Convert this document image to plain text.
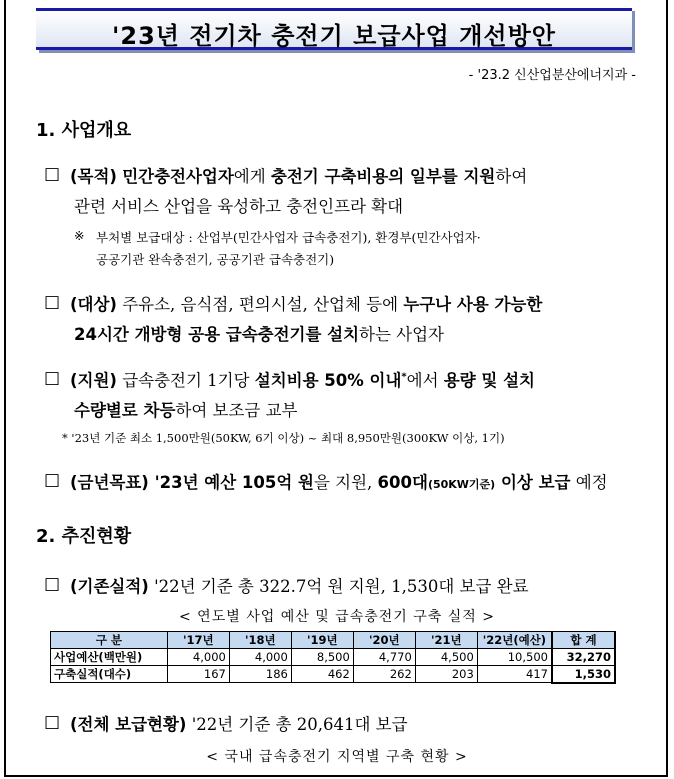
'23년 전기차 충전기 보급사업 개선방안
- '23.2 신산업분산에너지과 -
1. 사업개요
□ (목적) 민간충전사업자에게 충전기 구축비용의 일부를 지원하여
관련 서비스 산업을 육성하고 충전인프라 확대
※ 부처별 보급대상 : 산업부(민간사업자 급속충전기), 환경부(민간사업자·
공공기관 완속충전기, 공공기관 급속충전기)
□ (대상) 주유소, 음식점, 편의시설, 산업체 등에 누구나 사용 가능한
24시간 개방형 공용 급속충전기를 설치하는 사업자
□ (지원) 급속충전기 1기당 설치비용 50% 이내*에서 용량 및 설치
수량별로 차등하여 보조금 교부
* '23년 기준 최소 1,500만원(50KW, 6기 이상) ~ 최대 8,950만원(300KW 이상, 1기)
□ (금년목표) '23년 예산 105억 원을 지원, 600대(50KW기준) 이상 보급 예정
2. 추진현황
□ (기존실적) '22년 기준 총 322.7억 원 지원, 1,530대 보급 완료
< 연도별 사업 예산 및 급속충전기 구축 실적 >
구 분	'17년	'18년	'19년	'20년	'21년	'22년(예산)	합 계
사업예산(백만원)	4,000	4,000	8,500	4,770	4,500	10,500	32,270
구축실적(대수)	167	186	462	262	203	417	1,530
□ (전체 보급현황) '22년 기준 총 20,641대 보급
< 국내 급속충전기 지역별 구축 현황 >
